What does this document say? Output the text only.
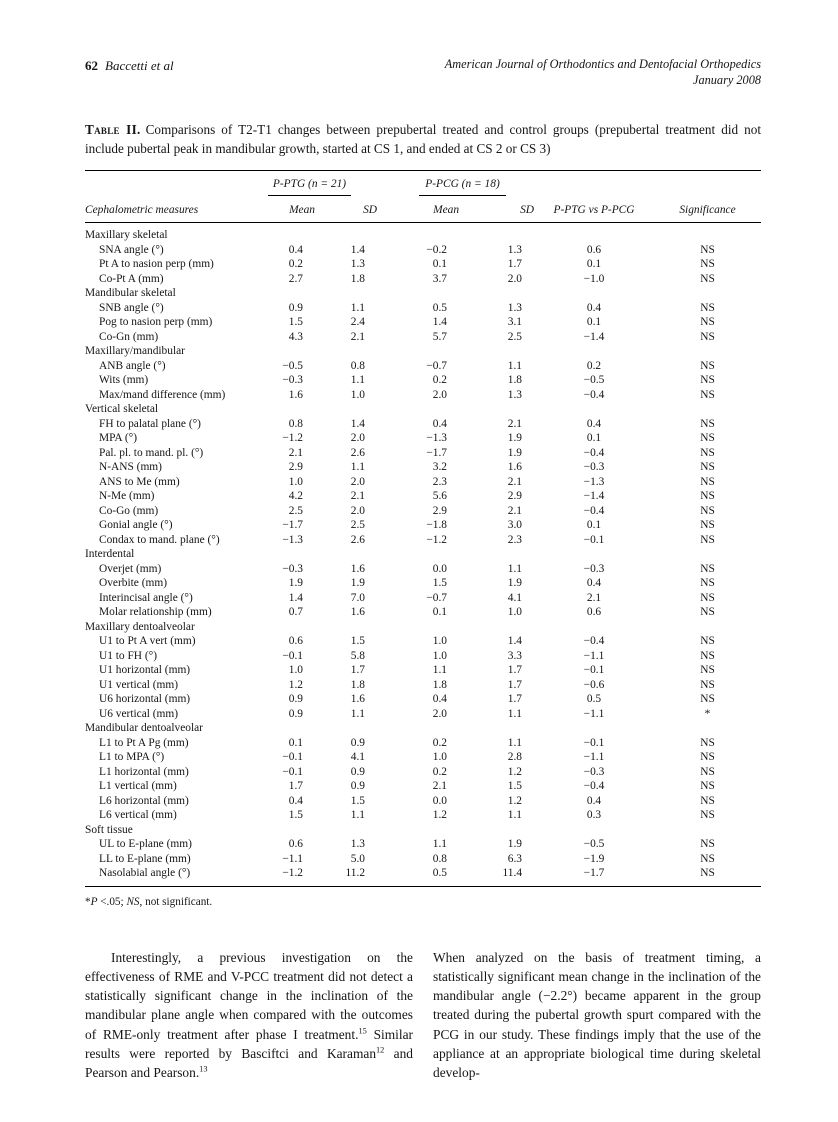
62 Baccetti et al	American Journal of Orthodontics and Dentofacial Orthopedics
January 2008
Table II. Comparisons of T2-T1 changes between prepubertal treated and control groups (prepubertal treatment did not include pubertal peak in mandibular growth, started at CS 1, and ended at CS 2 or CS 3)

	P-PTG (n = 21)		P-PCG (n = 18)			

Cephalometric measures	Mean	SD	Mean	SD	P-PTG vs P-PCG	Significance
Maxillary skeletal						
SNA angle (°)	0.4	1.4	−0.2	1.3	0.6	NS
Pt A to nasion perp (mm)	0.2	1.3	0.1	1.7	0.1	NS
Co-Pt A (mm)	2.7	1.8	3.7	2.0	−1.0	NS
Mandibular skeletal						
SNB angle (°)	0.9	1.1	0.5	1.3	0.4	NS
Pog to nasion perp (mm)	1.5	2.4	1.4	3.1	0.1	NS
Co-Gn (mm)	4.3	2.1	5.7	2.5	−1.4	NS
Maxillary/mandibular						
ANB angle (°)	−0.5	0.8	−0.7	1.1	0.2	NS
Wits (mm)	−0.3	1.1	0.2	1.8	−0.5	NS
Max/mand difference (mm)	1.6	1.0	2.0	1.3	−0.4	NS
Vertical skeletal						
FH to palatal plane (°)	0.8	1.4	0.4	2.1	0.4	NS
MPA (°)	−1.2	2.0	−1.3	1.9	0.1	NS
Pal. pl. to mand. pl. (°)	2.1	2.6	−1.7	1.9	−0.4	NS
N-ANS (mm)	2.9	1.1	3.2	1.6	−0.3	NS
ANS to Me (mm)	1.0	2.0	2.3	2.1	−1.3	NS
N-Me (mm)	4.2	2.1	5.6	2.9	−1.4	NS
Co-Go (mm)	2.5	2.0	2.9	2.1	−0.4	NS
Gonial angle (°)	−1.7	2.5	−1.8	3.0	0.1	NS
Condax to mand. plane (°)	−1.3	2.6	−1.2	2.3	−0.1	NS
Interdental						
Overjet (mm)	−0.3	1.6	0.0	1.1	−0.3	NS
Overbite (mm)	1.9	1.9	1.5	1.9	0.4	NS
Interincisal angle (°)	1.4	7.0	−0.7	4.1	2.1	NS
Molar relationship (mm)	0.7	1.6	0.1	1.0	0.6	NS
Maxillary dentoalveolar						
U1 to Pt A vert (mm)	0.6	1.5	1.0	1.4	−0.4	NS
U1 to FH (°)	−0.1	5.8	1.0	3.3	−1.1	NS
U1 horizontal (mm)	1.0	1.7	1.1	1.7	−0.1	NS
U1 vertical (mm)	1.2	1.8	1.8	1.7	−0.6	NS
U6 horizontal (mm)	0.9	1.6	0.4	1.7	0.5	NS
U6 vertical (mm)	0.9	1.1	2.0	1.1	−1.1	*
Mandibular dentoalveolar						
L1 to Pt A Pg (mm)	0.1	0.9	0.2	1.1	−0.1	NS
L1 to MPA (°)	−0.1	4.1	1.0	2.8	−1.1	NS
L1 horizontal (mm)	−0.1	0.9	0.2	1.2	−0.3	NS
L1 vertical (mm)	1.7	0.9	2.1	1.5	−0.4	NS
L6 horizontal (mm)	0.4	1.5	0.0	1.2	0.4	NS
L6 vertical (mm)	1.5	1.1	1.2	1.1	0.3	NS
Soft tissue						
UL to E-plane (mm)	0.6	1.3	1.1	1.9	−0.5	NS
LL to E-plane (mm)	−1.1	5.0	0.8	6.3	−1.9	NS
Nasolabial angle (°)	−1.2	11.2	0.5	11.4	−1.7	NS
*P <.05; NS, not significant.

Interestingly, a previous investigation on the effectiveness of RME and V-PCC treatment did not detect a statistically significant change in the inclination of the mandibular plane angle when compared with the outcomes of RME-only treatment after phase I treatment.$^{15}$ Similar results were reported by Basciftci and Karaman$^{12}$ and Pearson and Pearson.$^{13}$

When analyzed on the basis of treatment timing, a statistically significant mean change in the inclination of the mandibular angle (−2.2°) became apparent in the group treated during the pubertal growth spurt compared with the PCG in our study. These findings imply that the use of the appliance at an appropriate biological time during skeletal develop-
